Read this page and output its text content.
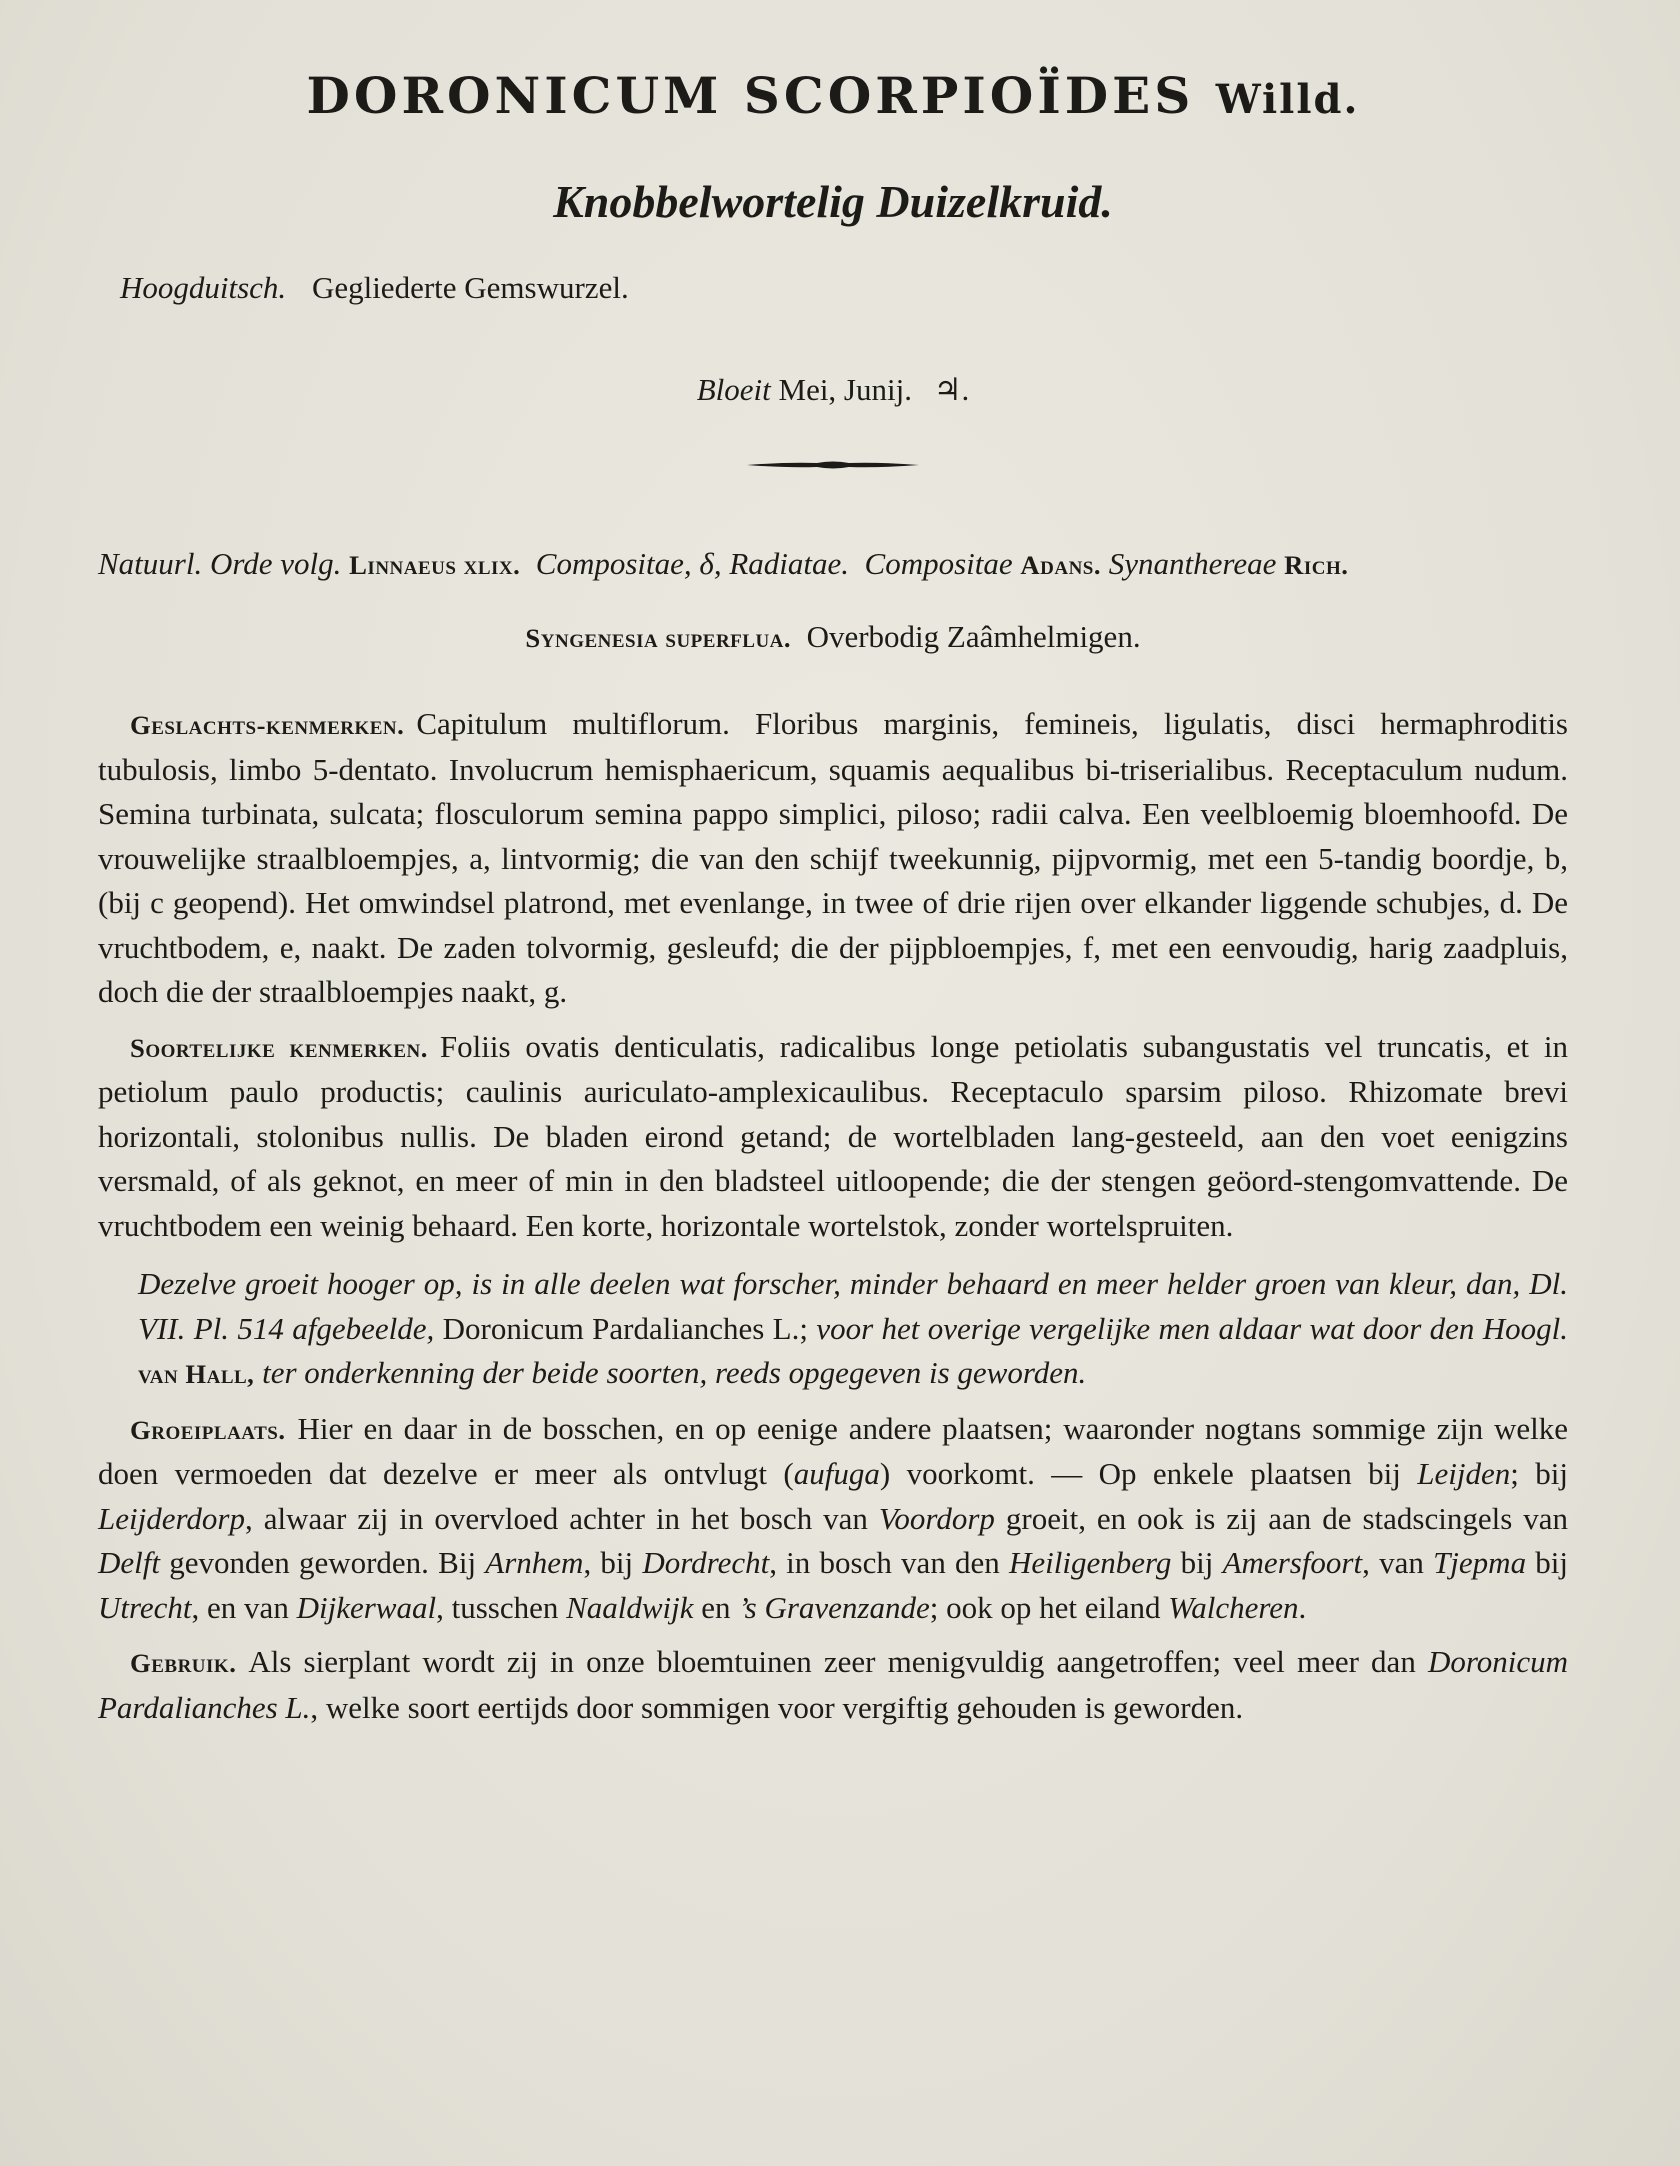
DORONICUM SCORPIOÏDES Willd.
Knobbelwortelig Duizelkruid.

Hoogduitsch. Gegliederte Gemswurzel.

Bloeit Mei, Junij. ♃.

Natuurl. Orde volg. Linnaeus xlix. Compositae, δ, Radiatae. Compositae Adans. Synanthereae Rich.

Syngenesia superflua. Overbodig Zaâmhelmigen.

Geslachts-kenmerken. Capitulum multiflorum. Floribus marginis, femineis, ligulatis, disci hermaphroditis tubulosis, limbo 5-dentato. Involucrum hemisphaericum, squamis aequalibus bi-triserialibus. Receptaculum nudum. Semina turbinata, sulcata; flosculorum semina pappo simplici, piloso; radii calva. Een veelbloemig bloemhoofd. De vrouwelijke straalbloempjes, a, lintvormig; die van den schijf tweekunnig, pijpvormig, met een 5-tandig boordje, b, (bij c geopend). Het omwindsel platrond, met evenlange, in twee of drie rijen over elkander liggende schubjes, d. De vruchtbodem, e, naakt. De zaden tolvormig, gesleufd; die der pijpbloempjes, f, met een eenvoudig, harig zaadpluis, doch die der straalbloempjes naakt, g.

Soortelijke kenmerken. Foliis ovatis denticulatis, radicalibus longe petiolatis subangustatis vel truncatis, et in petiolum paulo productis; caulinis auriculato-amplexicaulibus. Receptaculo sparsim piloso. Rhizomate brevi horizontali, stolonibus nullis. De bladen eirond getand; de wortelbladen lang-gesteeld, aan den voet eenigzins versmald, of als geknot, en meer of min in den bladsteel uitloopende; die der stengen geöord-stengomvattende. De vruchtbodem een weinig behaard. Een korte, horizontale wortelstok, zonder wortelspruiten.

Dezelve groeit hooger op, is in alle deelen wat forscher, minder behaard en meer helder groen van kleur, dan, Dl. VII. Pl. 514 afgebeelde, Doronicum Pardalianches L.; voor het overige vergelijke men aldaar wat door den Hoogl. van Hall, ter onderkenning der beide soorten, reeds opgegeven is geworden.

Groeiplaats. Hier en daar in de bosschen, en op eenige andere plaatsen; waaronder nogtans sommige zijn welke doen vermoeden dat dezelve er meer als ontvlugt (aufuga) voorkomt. — Op enkele plaatsen bij Leijden; bij Leijderdorp, alwaar zij in overvloed achter in het bosch van Voordorp groeit, en ook is zij aan de stadscingels van Delft gevonden geworden. Bij Arnhem, bij Dordrecht, in bosch van den Heiligenberg bij Amersfoort, van Tjepma bij Utrecht, en van Dijkerwaal, tusschen Naaldwijk en ’s Gravenzande; ook op het eiland Walcheren.

Gebruik. Als sierplant wordt zij in onze bloemtuinen zeer menigvuldig aangetroffen; veel meer dan Doronicum Pardalianches L., welke soort eertijds door sommigen voor vergiftig gehouden is geworden.
